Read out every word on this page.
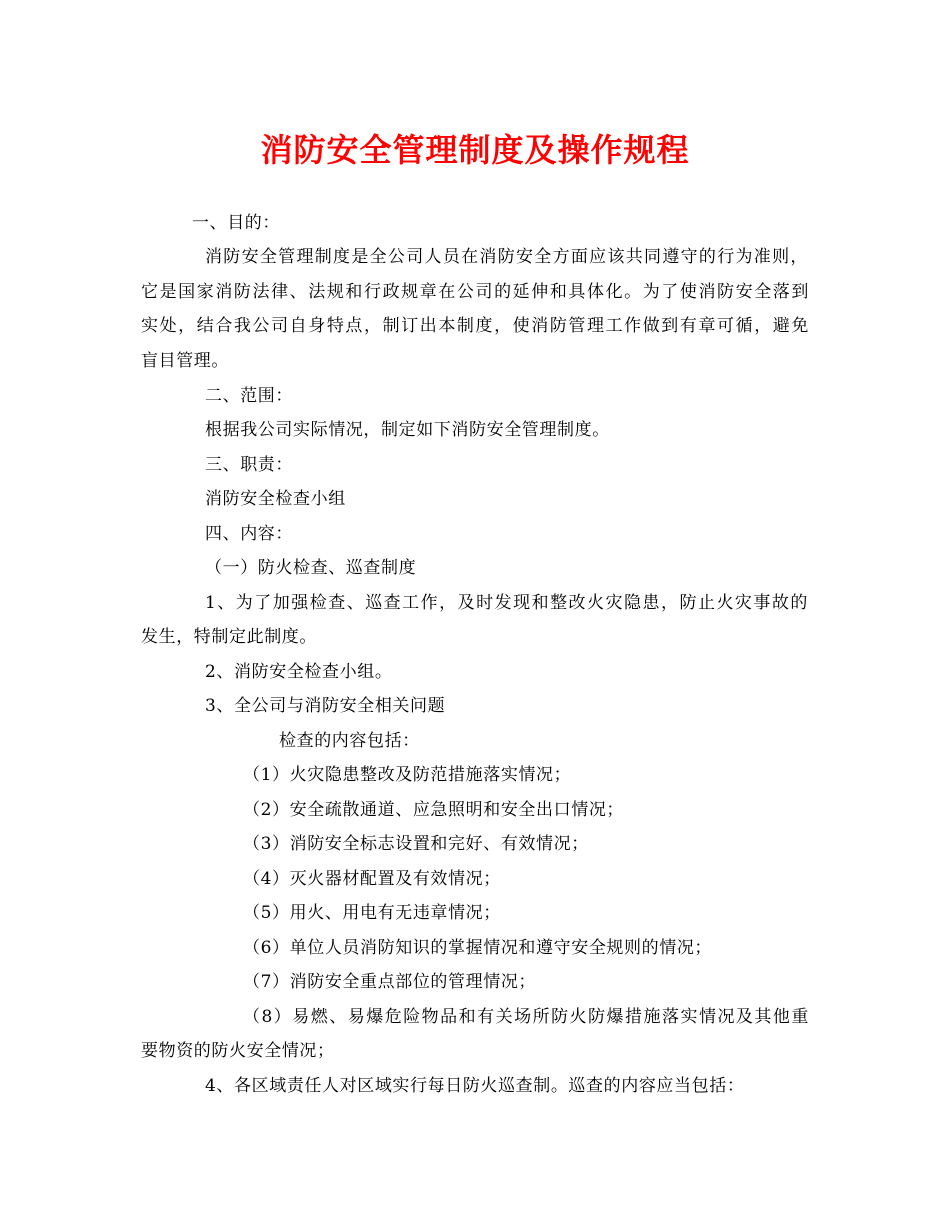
消防安全管理制度及操作规程
一、目的：
消防安全管理制度是全公司人员在消防安全方面应该共同遵守的行为准则，
它是国家消防法律、法规和行政规章在公司的延伸和具体化。为了使消防安全落到
实处，结合我公司自身特点，制订出本制度，使消防管理工作做到有章可循，避免
盲目管理。
二、范围：
根据我公司实际情况，制定如下消防安全管理制度。
三、职责：
消防安全检查小组
四、内容：
（一）防火检查、巡查制度
1、为了加强检查、巡查工作，及时发现和整改火灾隐患，防止火灾事故的
发生，特制定此制度。
2、消防安全检查小组。
3、全公司与消防安全相关问题
检查的内容包括：
（1）火灾隐患整改及防范措施落实情况；
（2）安全疏散通道、应急照明和安全出口情况；
（3）消防安全标志设置和完好、有效情况；
（4）灭火器材配置及有效情况；
（5）用火、用电有无违章情况；
（6）单位人员消防知识的掌握情况和遵守安全规则的情况；
（7）消防安全重点部位的管理情况；
（8）易燃、易爆危险物品和有关场所防火防爆措施落实情况及其他重
要物资的防火安全情况；
4、各区域责任人对区域实行每日防火巡查制。巡查的内容应当包括：
